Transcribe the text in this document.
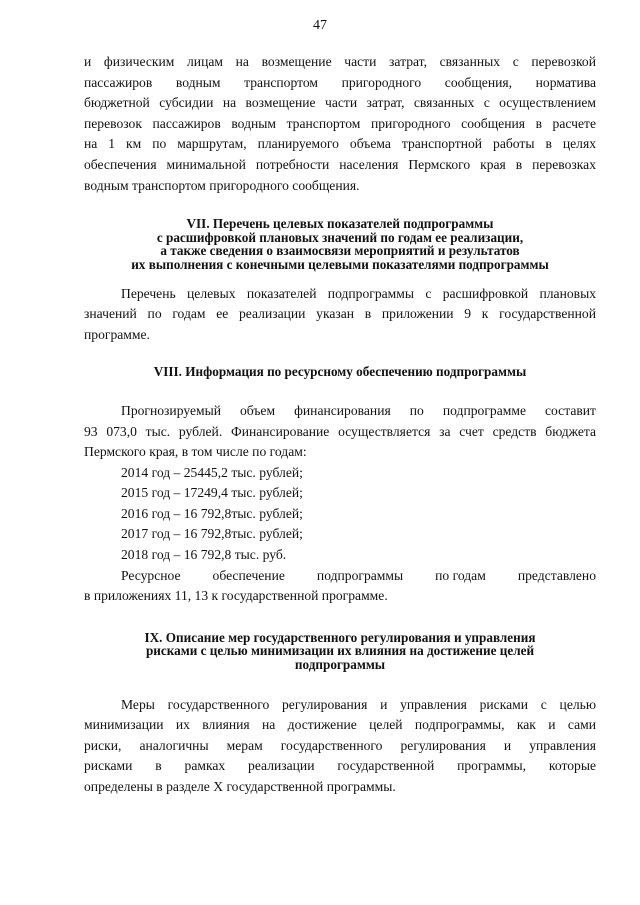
47

и физическим лицам на возмещение части затрат, связанных с перевозкой
пассажиров водным транспортом пригородного сообщения, норматива
бюджетной субсидии на возмещение части затрат, связанных с осуществлением
перевозок пассажиров водным транспортом пригородного сообщения в расчете
на 1 км по маршрутам, планируемого объема транспортной работы в целях
обеспечения минимальной потребности населения Пермского края в перевозках
водным транспортом пригородного сообщения.

VII. Перечень целевых показателей подпрограммы
с расшифровкой плановых значений по годам ее реализации,
а также сведения о взаимосвязи мероприятий и результатов
их выполнения с конечными целевыми показателями подпрограммы

Перечень целевых показателей подпрограммы с расшифровкой плановых
значений по годам ее реализации указан в приложении 9 к государственной
программе.

VIII. Информация по ресурсному обеспечению подпрограммы

Прогнозируемый объем финансирования по подпрограмме составит
93 073,0 тыс. рублей. Финансирование осуществляется за счет средств бюджета
Пермского края, в том числе по годам:

2014 год – 25445,2 тыс. рублей;
2015 год – 17249,4 тыс. рублей;
2016 год – 16 792,8тыс. рублей;
2017 год – 16 792,8тыс. рублей;
2018 год – 16 792,8 тыс. руб.
Ресурсное обеспечение подпрограммы по годам представлено

в приложениях 11, 13 к государственной программе.

IX. Описание мер государственного регулирования и управления
рисками с целью минимизации их влияния на достижение целей
подпрограммы

Меры государственного регулирования и управления рисками с целью
минимизации их влияния на достижение целей подпрограммы, как и сами
риски, аналогичны мерам государственного регулирования и управления
рисками в рамках реализации государственной программы, которые
определены в разделе X государственной программы.
